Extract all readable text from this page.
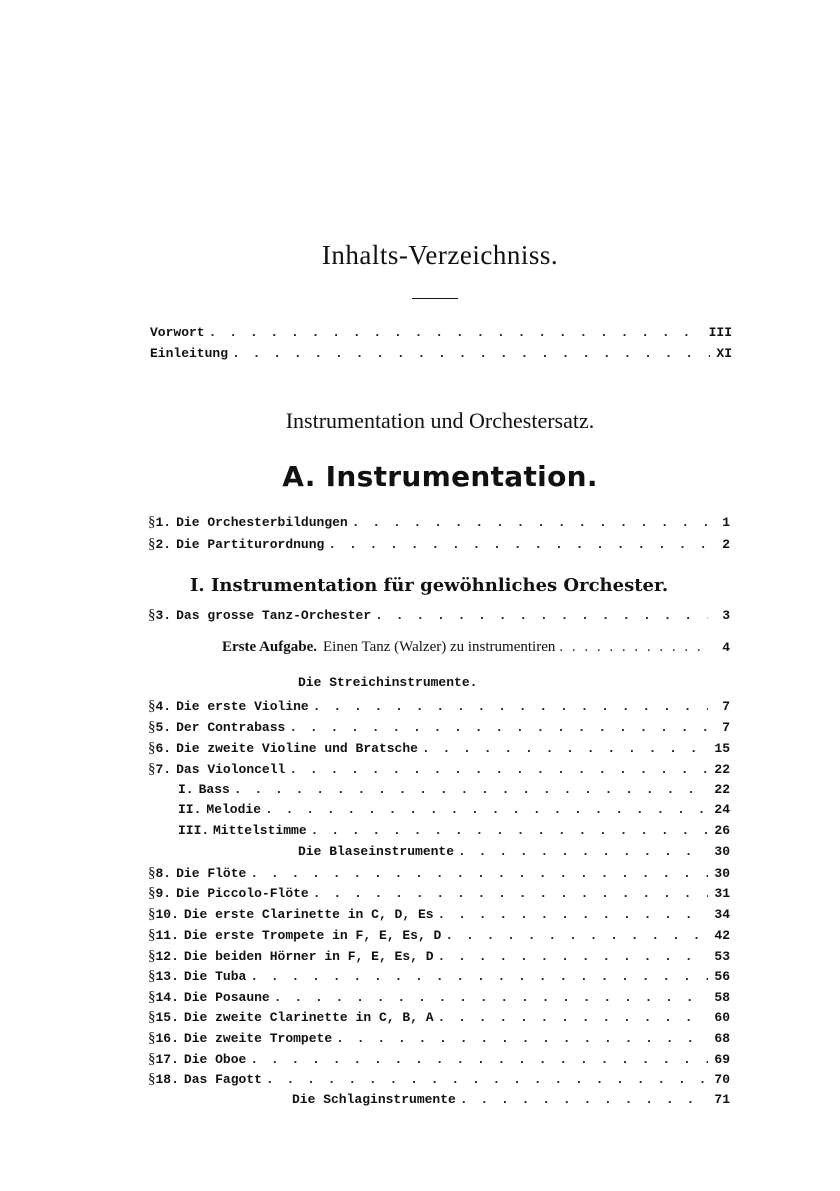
Inhalts-Verzeichniss.
Vorwort . . .	III
Einleitung . . .	XI
Instrumentation und Orchestersatz.
A. Instrumentation.
§ 1. Die Orchesterbildungen . . .	1
§ 2. Die Partiturordnung . . .	2
I. Instrumentation für gewöhnliches Orchester.
§ 3. Das grosse Tanz-Orchester . . .	3
Erste Aufgabe. Einen Tanz (Walzer) zu instrumentiren . . .	4
Die Streichinstrumente.
§ 4. Die erste Violine . . .	7
§ 5. Der Contrabass . . .	7
§ 6. Die zweite Violine und Bratsche . . .	15
§ 7. Das Violoncell . . .	22
I. Bass . . .	22
II. Melodie . . .	24
III. Mittelstimme . . .	26
Die Blaseinstrumente . . .	30
§ 8. Die Flöte . . .	30
§ 9. Die Piccolo-Flöte . . .	31
§ 10. Die erste Clarinette in C, D, Es . . .	34
§ 11. Die erste Trompete in F, E, Es, D . . .	42
§ 12. Die beiden Hörner in F, E, Es, D . . .	53
§ 13. Die Tuba . . .	56
§ 14. Die Posaune . . .	58
§ 15. Die zweite Clarinette in C, B, A . . .	60
§ 16. Die zweite Trompete . . .	68
§ 17. Die Oboe . . .	69
§ 18. Das Fagott . . .	70
Die Schlaginstrumente . . .	71
